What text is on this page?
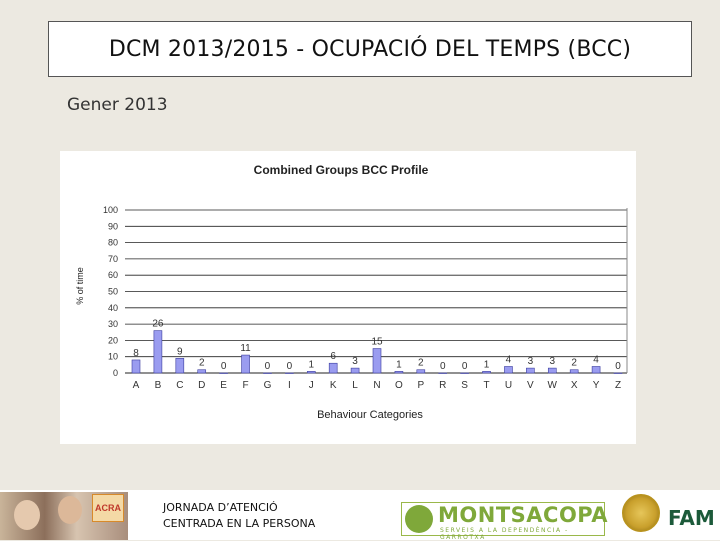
DCM 2013/2015 - OCUPACIÓ DEL TEMPS (BCC)
Gener 2013
Combined Groups BCC Profile
% of time
Behaviour Categories
8
26
9
2 0
11
0 0 1
6 3
15
1 2 0 0 1 4 3 3 2 4
0
0
10
20
30
40
50
60
70
80
90
100
A B C D E F G I J K L N O P R S T U V W X Y Z
ACRA	JORNADA D’ATENCIÓ
CENTRADA EN LA PERSONA	MONTSACOPA
SERVEIS A LA DEPENDÈNCIA - GARROTXA
FAM
